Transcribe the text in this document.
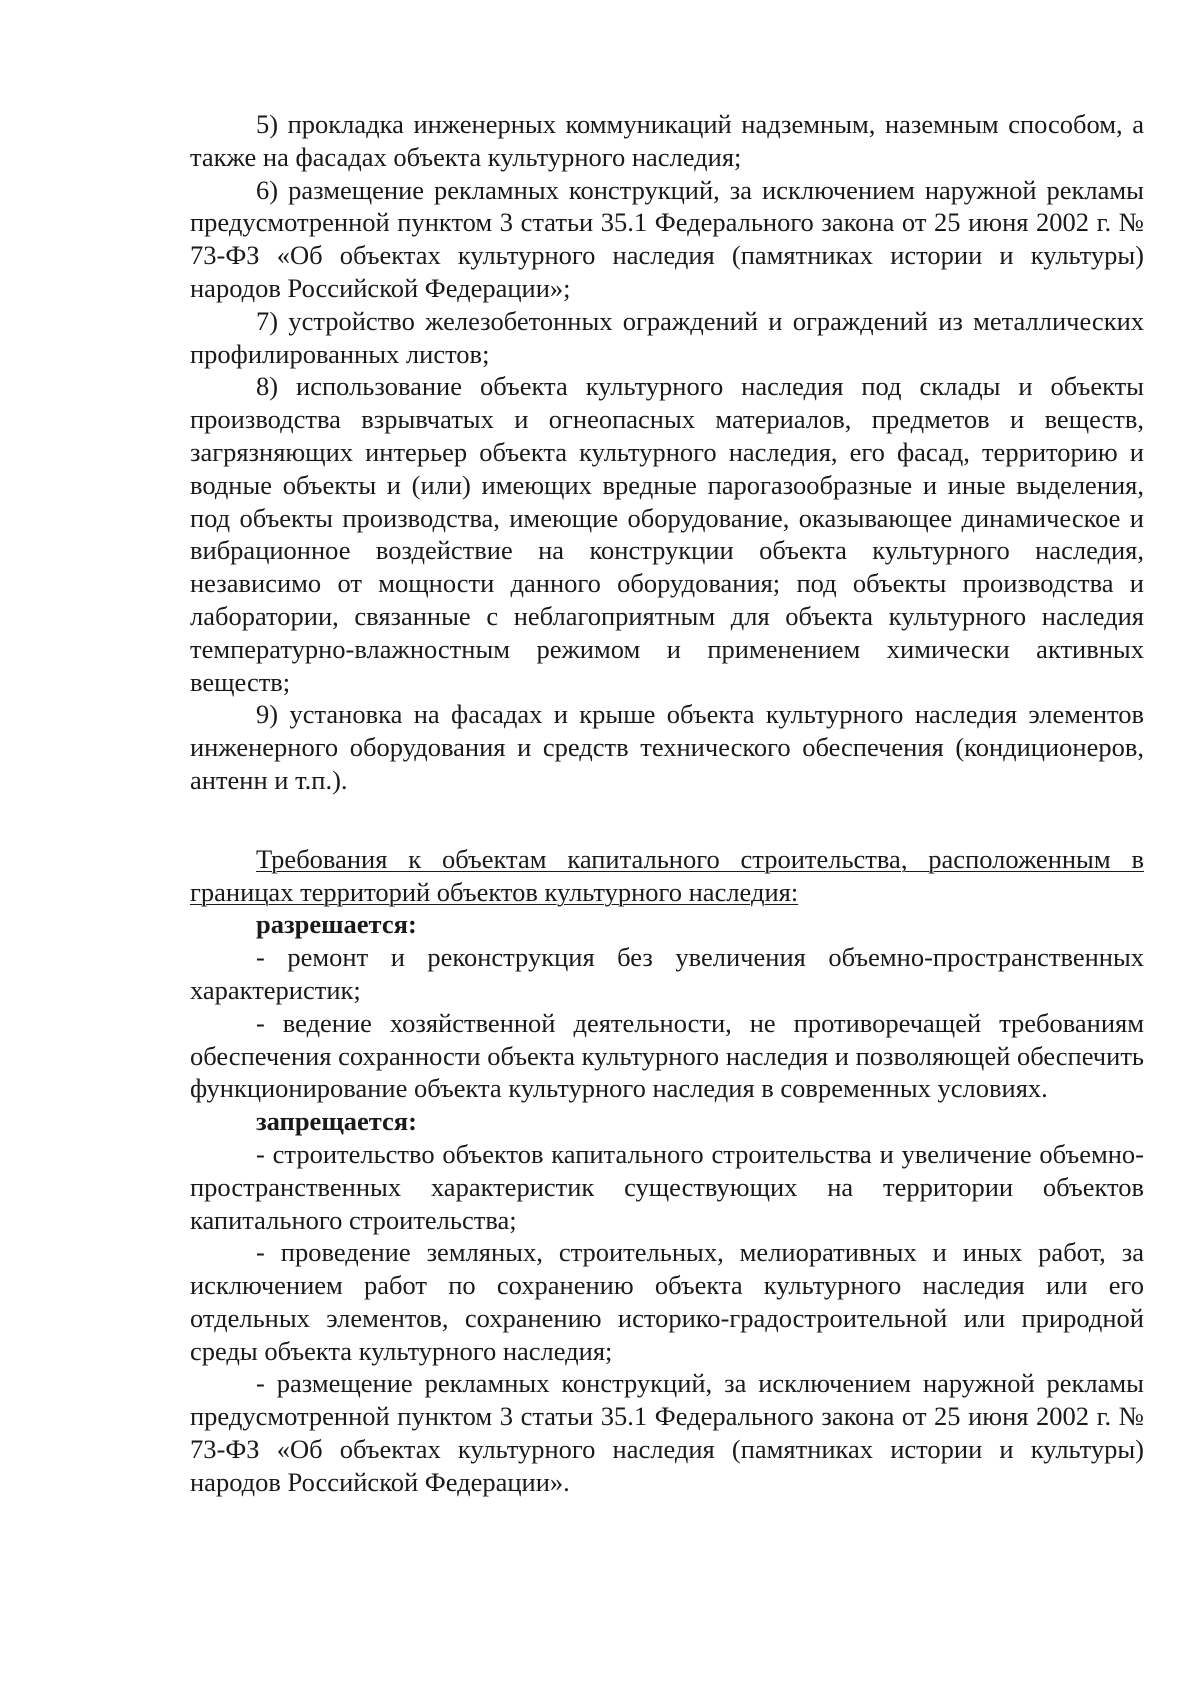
5) прокладка инженерных коммуникаций надземным, наземным способом, а также на фасадах объекта культурного наследия;

6) размещение рекламных конструкций, за исключением наружной рекламы предусмотренной пунктом 3 статьи 35.1 Федерального закона от 25 июня 2002 г. № 73-ФЗ «Об объектах культурного наследия (памятниках истории и культуры) народов Российской Федерации»;

7) устройство железобетонных ограждений и ограждений из металлических профилированных листов;

8) использование объекта культурного наследия под склады и объекты производства взрывчатых и огнеопасных материалов, предметов и веществ, загрязняющих интерьер объекта культурного наследия, его фасад, территорию и водные объекты и (или) имеющих вредные парогазообразные и иные выделения, под объекты производства, имеющие оборудование, оказывающее динамическое и вибрационное воздействие на конструкции объекта культурного наследия, независимо от мощности данного оборудования; под объекты производства и лаборатории, связанные с неблагоприятным для объекта культурного наследия температурно-влажностным режимом и применением химически активных веществ;

9) установка на фасадах и крыше объекта культурного наследия элементов инженерного оборудования и средств технического обеспечения (кондиционеров, антенн и т.п.).

Требования к объектам капитального строительства, расположенным в границах территорий объектов культурного наследия:

разрешается:

- ремонт и реконструкция без увеличения объемно-пространственных характеристик;

- ведение хозяйственной деятельности, не противоречащей требованиям обеспечения сохранности объекта культурного наследия и позволяющей обеспечить функционирование объекта культурного наследия в современных условиях.

запрещается:

- строительство объектов капитального строительства и увеличение объемно-пространственных характеристик существующих на территории объектов капитального строительства;

- проведение земляных, строительных, мелиоративных и иных работ, за исключением работ по сохранению объекта культурного наследия или его отдельных элементов, сохранению историко-градостроительной или природной среды объекта культурного наследия;

- размещение рекламных конструкций, за исключением наружной рекламы предусмотренной пунктом 3 статьи 35.1 Федерального закона от 25 июня 2002 г. № 73-ФЗ «Об объектах культурного наследия (памятниках истории и культуры) народов Российской Федерации».
